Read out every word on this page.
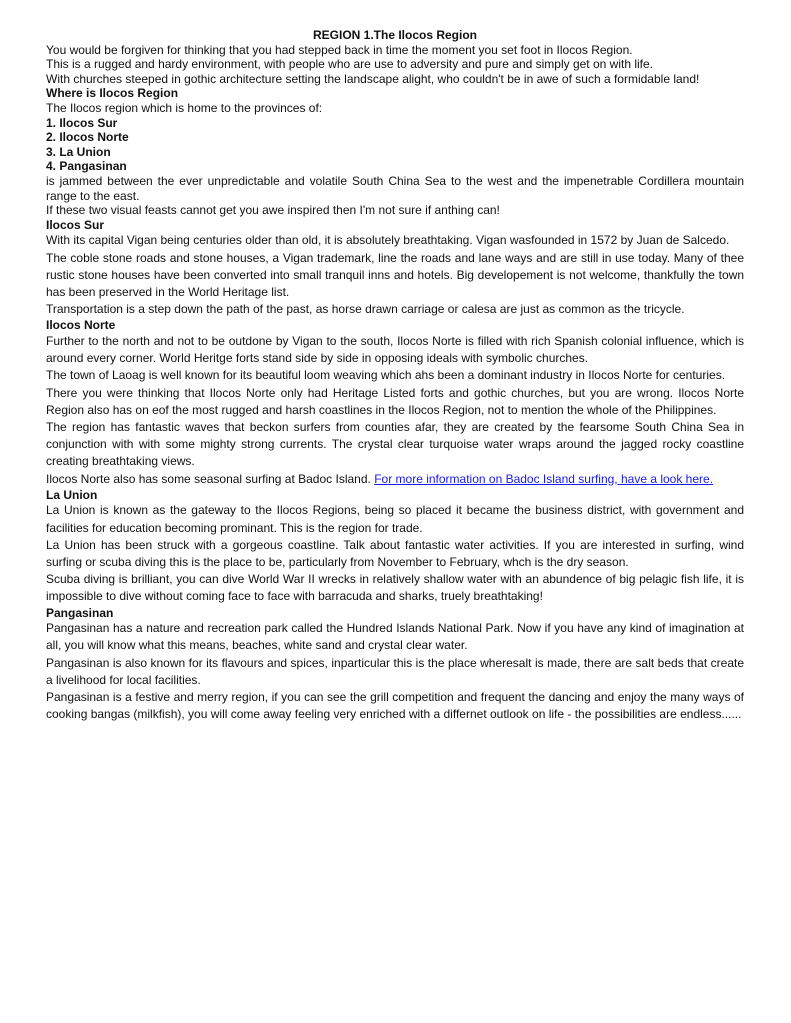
REGION 1.The Ilocos Region

You would be forgiven for thinking that you had stepped back in time the moment you set foot in Ilocos Region.

This is a rugged and hardy environment, with people who are use to adversity and pure and simply get on with life.

With churches steeped in gothic architecture setting the landscape alight, who couldn't be in awe of such a formidable land!

Where is Ilocos Region

The Ilocos region which is home to the provinces of:

1. Ilocos Sur
2. Ilocos Norte
3. La Union
4. Pangasinan

is jammed between the ever unpredictable and volatile South China Sea to the west and the impenetrable Cordillera mountain range to the east.

If these two visual feasts cannot get you awe inspired then I'm not sure if anthing can!

Ilocos Sur

With its capital Vigan being centuries older than old, it is absolutely breathtaking. Vigan wasfounded in 1572 by Juan de Salcedo.

The coble stone roads and stone houses, a Vigan trademark, line the roads and lane ways and are still in use today. Many of thee rustic stone houses have been converted into small tranquil inns and hotels. Big developement is not welcome, thankfully the town has been preserved in the World Heritage list.

Transportation is a step down the path of the past, as horse drawn carriage or calesa are just as common as the tricycle.

Ilocos Norte

Further to the north and not to be outdone by Vigan to the south, Ilocos Norte is filled with rich Spanish colonial influence, which is around every corner. World Heritge forts stand side by side in opposing ideals with symbolic churches.

The town of Laoag is well known for its beautiful loom weaving which ahs been a dominant industry in Ilocos Norte for centuries.

There you were thinking that Ilocos Norte only had Heritage Listed forts and gothic churches, but you are wrong. Ilocos Norte Region also has on eof the most rugged and harsh coastlines in the Ilocos Region, not to mention the whole of the Philippines.

The region has fantastic waves that beckon surfers from counties afar, they are created by the fearsome South China Sea in conjunction with with some mighty strong currents. The crystal clear turquoise water wraps around the jagged rocky coastline creating breathtaking views.

Ilocos Norte also has some seasonal surfing at Badoc Island. For more information on Badoc Island surfing, have a look here.

La Union

La Union is known as the gateway to the Ilocos Regions, being so placed it became the business district, with government and facilities for education becoming prominant. This is the region for trade.

La Union has been struck with a gorgeous coastline. Talk about fantastic water activities. If you are interested in surfing, wind surfing or scuba diving this is the place to be, particularly from November to February, whch is the dry season.

Scuba diving is brilliant, you can dive World War II wrecks in relatively shallow water with an abundence of big pelagic fish life, it is impossible to dive without coming face to face with barracuda and sharks, truely breathtaking!

Pangasinan

Pangasinan has a nature and recreation park called the Hundred Islands National Park. Now if you have any kind of imagination at all, you will know what this means, beaches, white sand and crystal clear water.

Pangasinan is also known for its flavours and spices, inparticular this is the place wheresalt is made, there are salt beds that create a livelihood for local facilities.

Pangasinan is a festive and merry region, if you can see the grill competition and frequent the dancing and enjoy the many ways of cooking bangas (milkfish), you will come away feeling very enriched with a differnet outlook on life - the possibilities are endless......
